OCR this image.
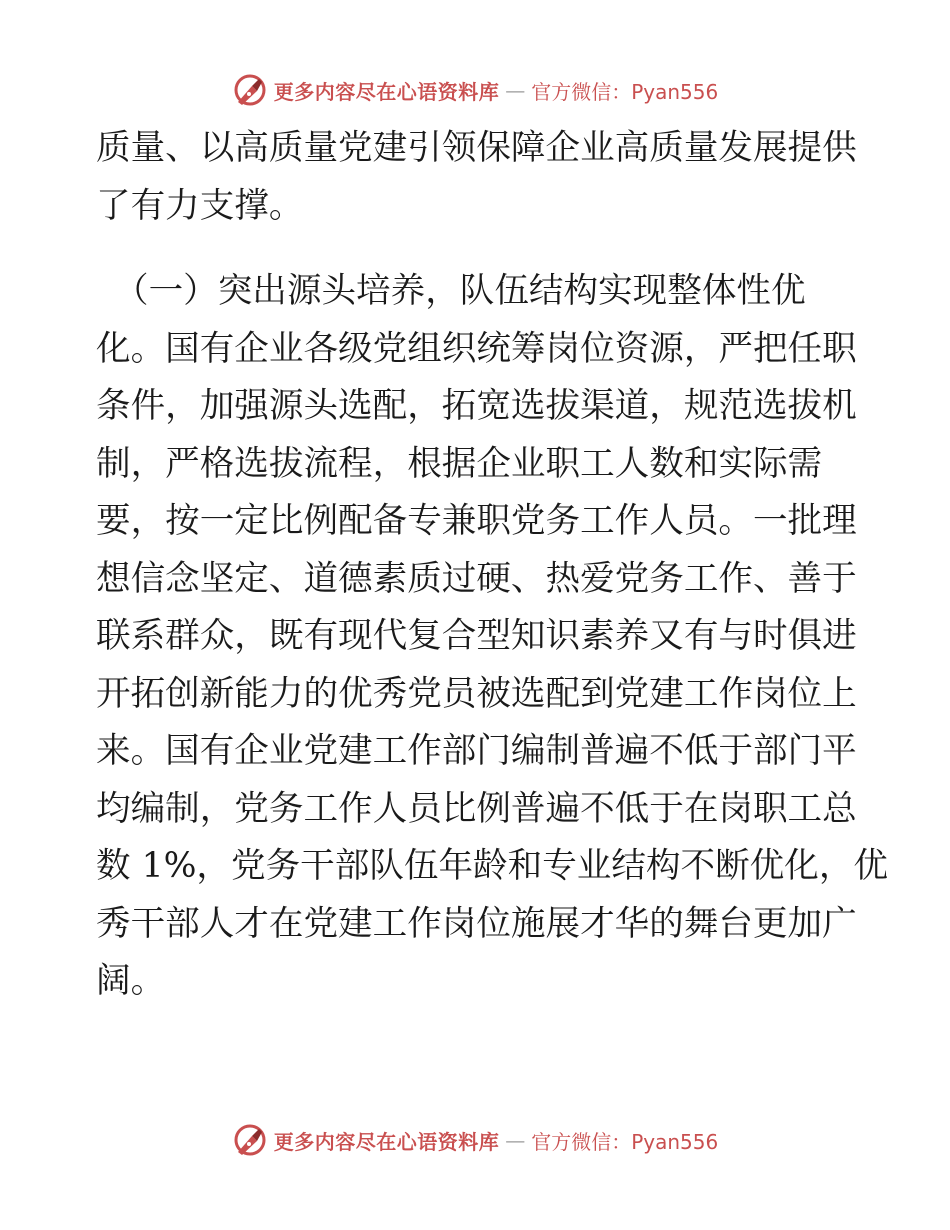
更多内容尽在心语资料库 — 官方微信：Pyan556
质量、以高质量党建引领保障企业高质量发展提供
了有力支撑。
（一）突出源头培养，队伍结构实现整体性优
化。国有企业各级党组织统筹岗位资源，严把任职
条件，加强源头选配，拓宽选拔渠道，规范选拔机
制，严格选拔流程，根据企业职工人数和实际需
要，按一定比例配备专兼职党务工作人员。一批理
想信念坚定、道德素质过硬、热爱党务工作、善于
联系群众，既有现代复合型知识素养又有与时俱进
开拓创新能力的优秀党员被选配到党建工作岗位上
来。国有企业党建工作部门编制普遍不低于部门平
均编制，党务工作人员比例普遍不低于在岗职工总
数 1%，党务干部队伍年龄和专业结构不断优化，优
秀干部人才在党建工作岗位施展才华的舞台更加广
阔。
更多内容尽在心语资料库 — 官方微信：Pyan556
